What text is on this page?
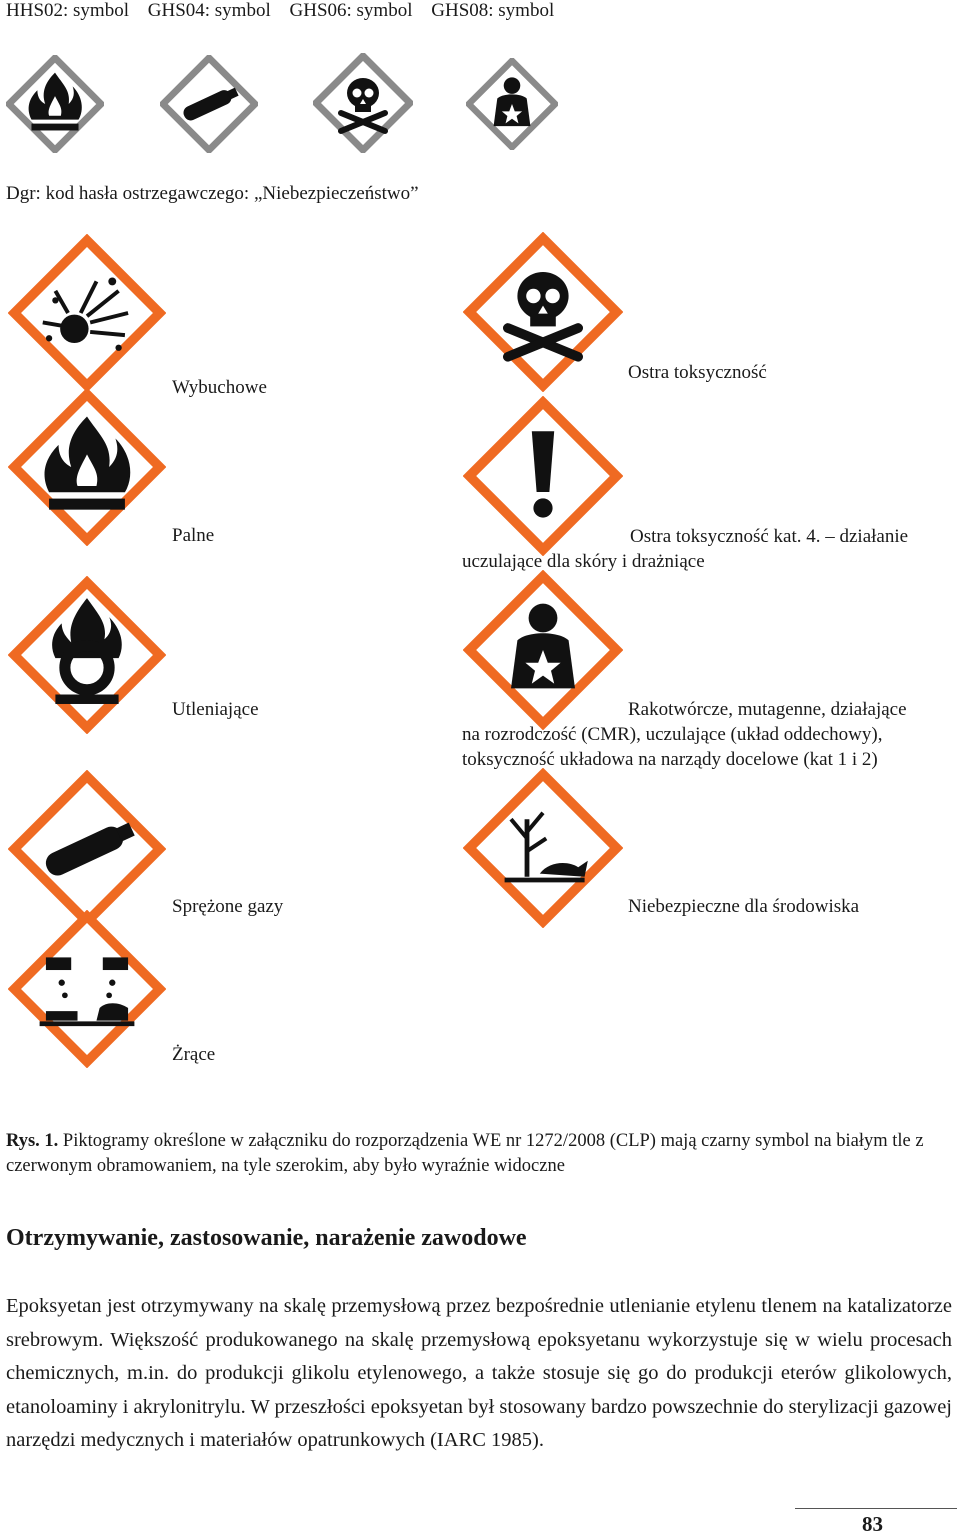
HHS02: symbol GHS04: symbol GHS06: symbol GHS08: symbol
Dgr: kod hasła ostrzegawczego: „Niebezpieczeństwo”
Wybuchowe
Palne
Utleniające
Sprężone gazy
Żrące
Ostra toksyczność
Ostra toksyczność kat. 4. – działanie
uczulające dla skóry i drażniące
Rakotwórcze, mutagenne, działające
na rozrodczość (CMR), uczulające (układ oddechowy),
toksyczność układowa na narządy docelowe (kat 1 i 2)
Niebezpieczne dla środowiska
Rys. 1. Piktogramy określone w załączniku do rozporządzenia WE nr 1272/2008 (CLP) mają czarny symbol na białym tle z czerwonym obramowaniem, na tyle szerokim, aby było wyraźnie widoczne
Otrzymywanie, zastosowanie, narażenie zawodowe
Epoksyetan jest otrzymywany na skalę przemysłową przez bezpośrednie utlenianie etylenu tlenem na katalizatorze srebrowym. Większość produkowanego na skalę przemysłową epoksyetanu wykorzystuje się w wielu procesach chemicznych, m.in. do produkcji glikolu etylenowego, a także stosuje się go do produkcji eterów glikolowych, etanoloaminy i akrylonitrylu. W przeszłości epoksyetan był stosowany bardzo powszechnie do sterylizacji gazowej narzędzi medycznych i materiałów opatrunkowych (IARC 1985).
83
